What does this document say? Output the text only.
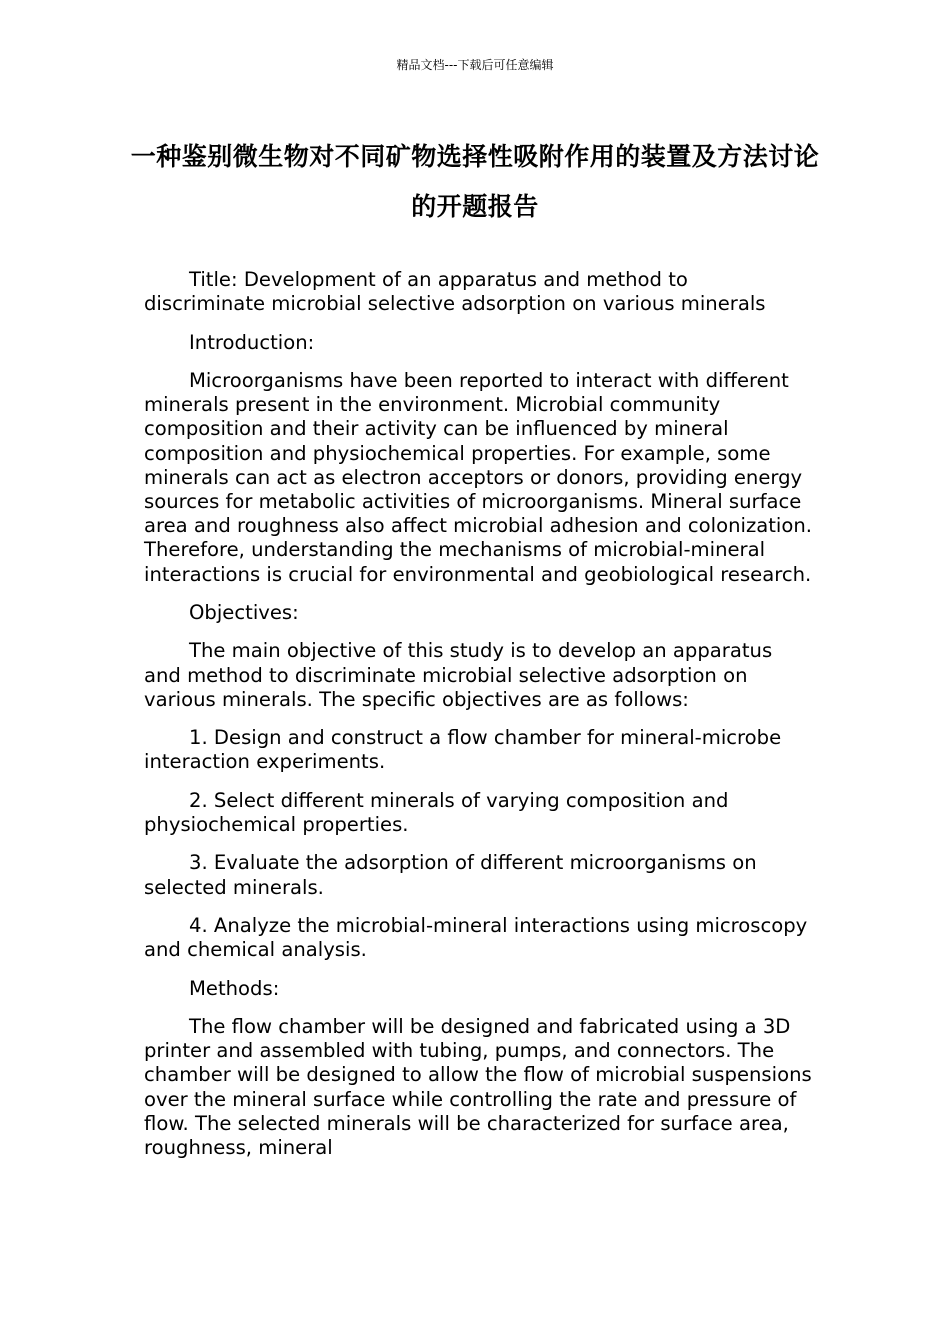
精品文档---下载后可任意编辑
一种鉴别微生物对不同矿物选择性吸附作用的装置及方法讨论的开题报告

Title: Development of an apparatus and method to discriminate microbial selective adsorption on various minerals

Introduction:

Microorganisms have been reported to interact with different minerals present in the environment. Microbial community composition and their activity can be influenced by mineral composition and physiochemical properties. For example, some minerals can act as electron acceptors or donors, providing energy sources for metabolic activities of microorganisms. Mineral surface area and roughness also affect microbial adhesion and colonization. Therefore, understanding the mechanisms of microbial-mineral interactions is crucial for environmental and geobiological research.

Objectives:

The main objective of this study is to develop an apparatus and method to discriminate microbial selective adsorption on various minerals. The specific objectives are as follows:

1. Design and construct a flow chamber for mineral-microbe interaction experiments.

2. Select different minerals of varying composition and physiochemical properties.

3. Evaluate the adsorption of different microorganisms on selected minerals.

4. Analyze the microbial-mineral interactions using microscopy and chemical analysis.

Methods:

The flow chamber will be designed and fabricated using a 3D printer and assembled with tubing, pumps, and connectors. The chamber will be designed to allow the flow of microbial suspensions over the mineral surface while controlling the rate and pressure of flow. The selected minerals will be characterized for surface area, roughness, mineral
